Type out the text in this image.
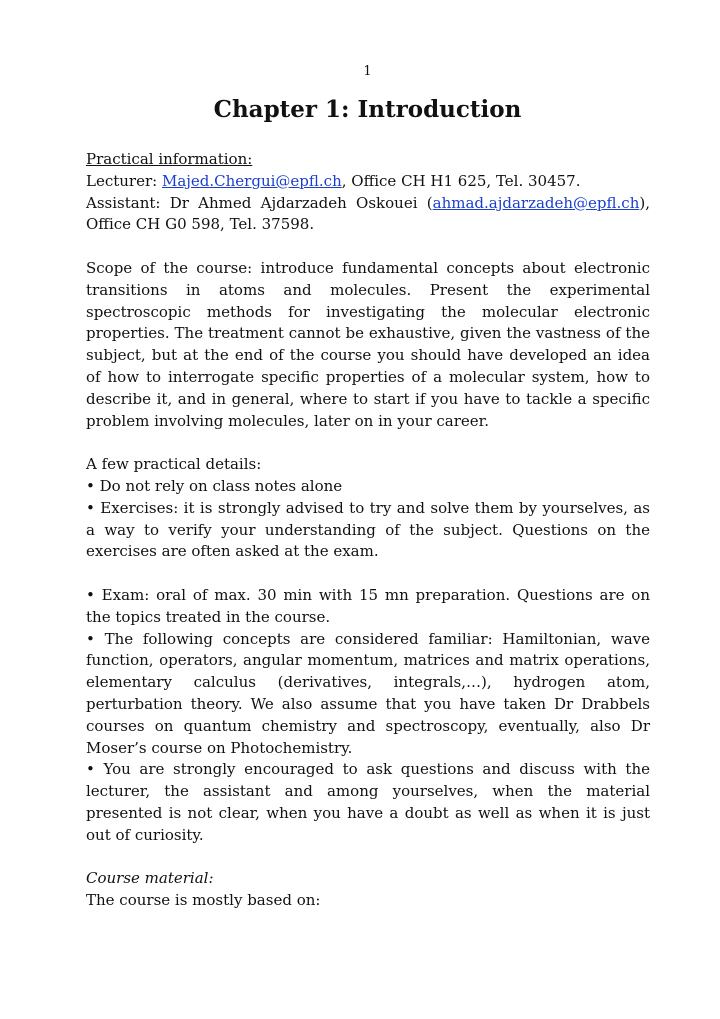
1
Chapter 1: Introduction

Practical information:

Lecturer: Majed.Chergui@epfl.ch, Office CH H1 625, Tel. 30457.

Assistant: Dr Ahmed Ajdarzadeh Oskouei (ahmad.ajdarzadeh@epfl.ch), Office CH G0 598, Tel. 37598.

Scope of the course: introduce fundamental concepts about electronic transitions in atoms and molecules. Present the experimental spectroscopic methods for investigating the molecular electronic properties. The treatment cannot be exhaustive, given the vastness of the subject, but at the end of the course you should have developed an idea of how to interrogate specific properties of a molecular system, how to describe it, and in general, where to start if you have to tackle a specific problem involving molecules, later on in your career.

A few practical details:

• Do not rely on class notes alone

• Exercises: it is strongly advised to try and solve them by yourselves, as a way to verify your understanding of the subject. Questions on the exercises are often asked at the exam.

• Exam: oral of max. 30 min with 15 mn preparation. Questions are on the topics treated in the course.

• The following concepts are considered familiar: Hamiltonian, wave function, operators, angular momentum, matrices and matrix operations, elementary calculus (derivatives, integrals,…), hydrogen atom, perturbation theory. We also assume that you have taken Dr Drabbels courses on quantum chemistry and spectroscopy, eventually, also Dr Moser’s course on Photochemistry.

• You are strongly encouraged to ask questions and discuss with the lecturer, the assistant and among yourselves, when the material presented is not clear, when you have a doubt as well as when it is just out of curiosity.

Course material:

The course is mostly based on:
